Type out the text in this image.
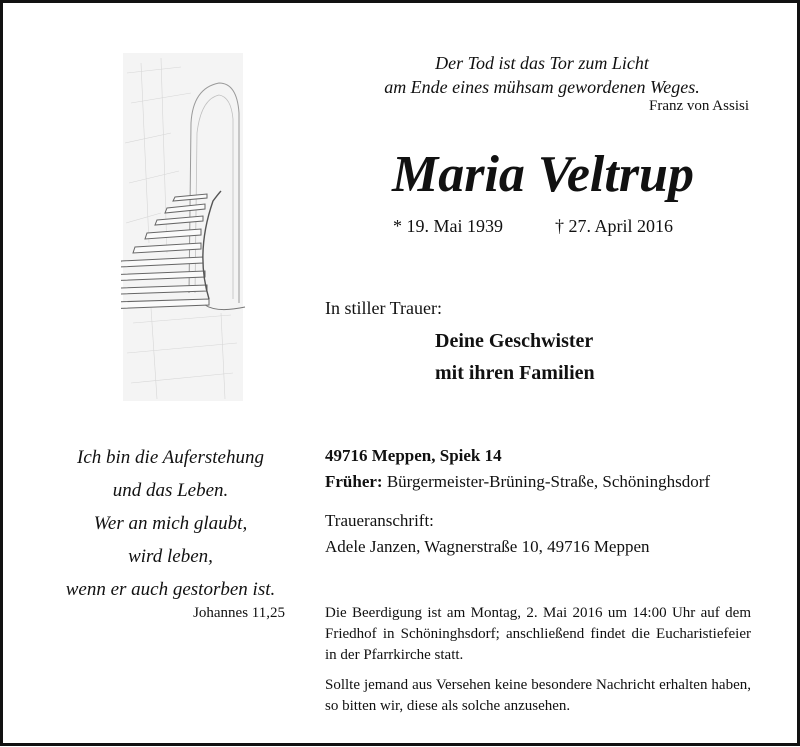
Der Tod ist das Tor zum Licht
am Ende eines mühsam gewordenen Weges.
Franz von Assisi
Maria Veltrup
* 19. Mai 1939	† 27. April 2016
In stiller Trauer:
Deine Geschwister
mit ihren Familien
Ich bin die Auferstehung
und das Leben.
Wer an mich glaubt,
wird leben,
wenn er auch gestorben ist.
Johannes 11,25
49716 Meppen, Spiek 14
Früher: Bürgermeister-Brüning-Straße, Schöninghsdorf
Traueranschrift:
Adele Janzen, Wagnerstraße 10, 49716 Meppen
Die Beerdigung ist am Montag, 2. Mai 2016 um 14:00 Uhr auf dem Friedhof in Schöninghsdorf; anschließend findet die Eucharistiefeier in der Pfarrkirche statt.
Sollte jemand aus Versehen keine besondere Nachricht erhalten haben, so bitten wir, diese als solche anzusehen.
